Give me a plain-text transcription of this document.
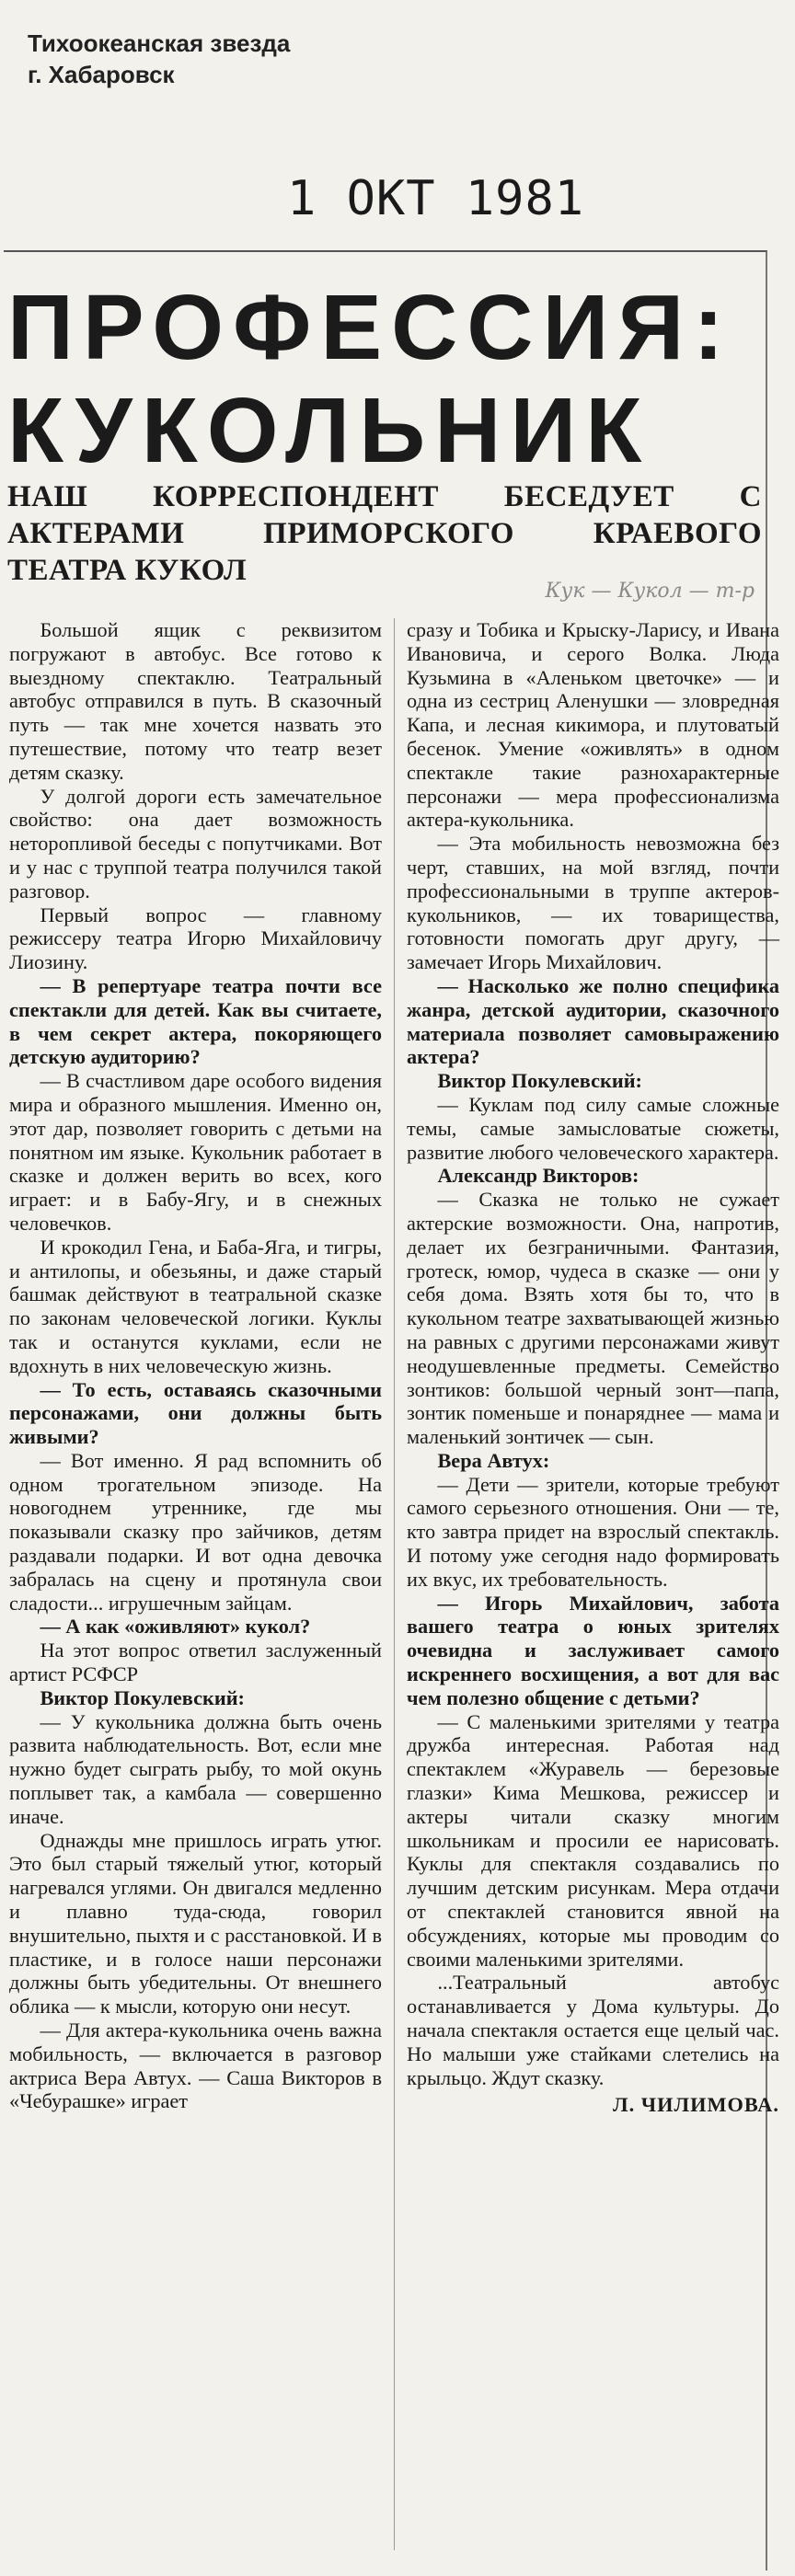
Тихоокеанская звезда
г. Хабаровск
1 ОКТ 1981
ПРОФЕССИЯ:
КУКОЛЬНИК
НАШ КОРРЕСПОНДЕНТ БЕСЕДУЕТ С
АКТЕРАМИ ПРИМОРСКОГО КРАЕВОГО
ТЕАТРА КУКОЛ
Кук — Кукол — т-р

Большой ящик с реквизитом погружают в автобус. Все готово к выездному спектаклю. Театральный автобус отправился в путь. В сказочный путь — так мне хочется назвать это путешествие, потому что театр везет детям сказку.

У долгой дороги есть замечательное свойство: она дает возможность неторопливой беседы с попутчиками. Вот и у нас с труппой театра получился такой разговор.

Первый вопрос — главному режиссеру театра Игорю Михайловичу Лиозину.

— В репертуаре театра почти все спектакли для детей. Как вы считаете, в чем секрет актера, покоряющего детскую аудиторию?

— В счастливом даре особого видения мира и образного мышления. Именно он, этот дар, позволяет говорить с детьми на понятном им языке. Кукольник работает в сказке и должен верить во всех, кого играет: и в Бабу-Ягу, и в снежных человечков.

И крокодил Гена, и Баба-Яга, и тигры, и антилопы, и обезьяны, и даже старый башмак действуют в театральной сказке по законам человеческой логики. Куклы так и останутся куклами, если не вдохнуть в них человеческую жизнь.

— То есть, оставаясь сказочными персонажами, они должны быть живыми?

— Вот именно. Я рад вспомнить об одном трогательном эпизоде. На новогоднем утреннике, где мы показывали сказку про зайчиков, детям раздавали подарки. И вот одна девочка забралась на сцену и протянула свои сладости... игрушечным зайцам.

— А как «оживляют» кукол?

На этот вопрос ответил заслуженный артист РСФСР

Виктор Покулевский:

— У кукольника должна быть очень развита наблюдательность. Вот, если мне нужно будет сыграть рыбу, то мой окунь поплывет так, а камбала — совершенно иначе.

Однажды мне пришлось играть утюг. Это был старый тяжелый утюг, который нагревался углями. Он двигался медленно и плавно туда-сюда, говорил внушительно, пыхтя и с расстановкой. И в пластике, и в голосе наши персонажи должны быть убедительны. От внешнего облика — к мысли, которую они несут.

— Для актера-кукольника очень важна мобильность, — включается в разговор актриса Вера Автух. — Саша Викторов в «Чебурашке» играет

сразу и Тобика и Крыску-Ларису, и Ивана Ивановича, и серого Волка. Люда Кузьмина в «Аленьком цветочке» — и одна из сестриц Аленушки — зловредная Капа, и лесная кикимора, и плутоватый бесенок. Умение «оживлять» в одном спектакле такие разнохарактерные персонажи — мера профессионализма актера-кукольника.

— Эта мобильность невозможна без черт, ставших, на мой взгляд, почти профессиональными в труппе актеров-кукольников, — их товарищества, готовности помогать друг другу, — замечает Игорь Михайлович.

— Насколько же полно специфика жанра, детской аудитории, сказочного материала позволяет самовыражению актера?

Виктор Покулевский:

— Куклам под силу самые сложные темы, самые замысловатые сюжеты, развитие любого человеческого характера.

Александр Викторов:

— Сказка не только не сужает актерские возможности. Она, напротив, делает их безграничными. Фантазия, гротеск, юмор, чудеса в сказке — они у себя дома. Взять хотя бы то, что в кукольном театре захватывающей жизнью на равных с другими персонажами живут неодушевленные предметы. Семейство зонтиков: большой черный зонт—папа, зонтик поменьше и понаряднее — мама и маленький зонтичек — сын.

Вера Автух:

— Дети — зрители, которые требуют самого серьезного отношения. Они — те, кто завтра придет на взрослый спектакль. И потому уже сегодня надо формировать их вкус, их требовательность.

— Игорь Михайлович, забота вашего театра о юных зрителях очевидна и заслуживает самого искреннего восхищения, а вот для вас чем полезно общение с детьми?

— С маленькими зрителями у театра дружба интересная. Работая над спектаклем «Журавель — березовые глазки» Кима Мешкова, режиссер и актеры читали сказку многим школьникам и просили ее нарисовать. Куклы для спектакля создавались по лучшим детским рисункам. Мера отдачи от спектаклей становится явной на обсуждениях, которые мы проводим со своими маленькими зрителями.

...Театральный автобус останавливается у Дома культуры. До начала спектакля остается еще целый час. Но малыши уже стайками слетелись на крыльцо. Ждут сказку.

Л. ЧИЛИМОВА.
